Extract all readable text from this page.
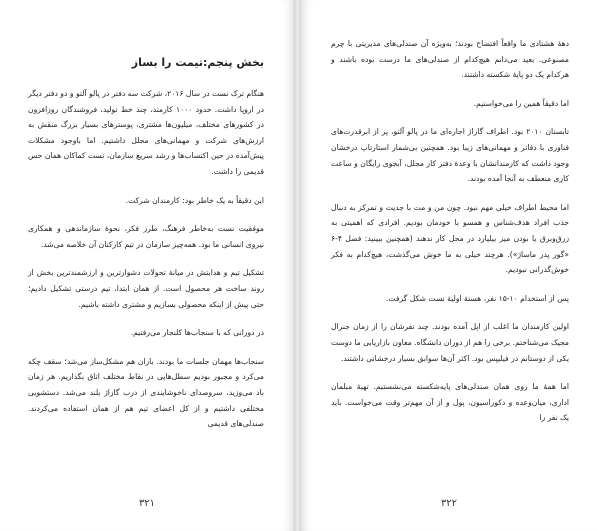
بخش پنجم:تیمت را بساز

هنگام ترک نست در سال ۲۰۱۶، شرکت سه دفتر در پالو آلتو و دو دفتر دیگر در اروپا داشت. حدود ۱۰۰۰ کارمند، چند خط تولید، فروشندگان روزافزون در کشورهای مختلف، میلیون‌ها مشتری، پوسترهای بسیار بزرگ منقش به ارزش‌های شرکت و مهمانی‌های مجلل داشتیم. اما باوجود مشکلات پیش‌آمده در حین اکتساب‌ها و رشد سریع سازمان، نست کماکان همان حس قدیمی را داشت.

این دقیقاً به یک خاطر بود: کارمندان شرکت.

موفقیت نست به‌خاطر فرهنگ، طرز فکر، نحوهٔ سازماندهی و همکاری نیروی انسانی ما بود. همه‌چیز سازمان در تیم کارکنان آن خلاصه می‌شد.

تشکیل تیم و هدایتش در میانهٔ تحولات دشوارترین و ارزشمندترین بخش از روند ساخت هر محصول است. از همان ابتدا، تیم درستی تشکیل دادیم؛ حتی پیش از اینکه محصولی بسازیم و مشتری داشته باشیم.

در دورانی که با سنجاب‌ها کلنجار می‌رفتیم.

سنجاب‌ها مهمان جلسات ما بودند. باران هم مشکل‌ساز می‌شد؛ سقف چکه می‌کرد و مجبور بودیم سطل‌هایی در نقاط مختلف اتاق بگذاریم. هر زمان باد می‌وزید، سروصدای ناخوشایندی از درب گاراژ بلند می‌شد. دستشویی مختلفی داشتیم و از کل اعضای تیم هم از همان استفاده می‌کردند. صندلی‌های قدیمی

۳۲۱

دههٔ هشتادی ما واقعاً افتضاح بودند؛ به‌ویژه آن صندلی‌های مدیریتی با چرم مصنوعی. بعید می‌دانم هیچ‌کدام از صندلی‌های ما درست بوده باشند و هرکدام یک دو پایهٔ شکسته داشتند.

اما دقیقاً همین را می‌خواستیم.

تابستان ۲۰۱۰ بود. اطراف گاراژ اجاره‌ای ما در پالو آلتو، پر از ابرقدرت‌های فناوری با دفاتر و مهمانی‌های زیبا بود. همچنین بی‌شمار استارتاپ درخشان وجود داشت که کارمندانشان با وعدهٔ دفتر کار مجلل، آبجوی رایگان و ساعت کاری منعطف به آنجا آمده بودند.

اما محیط اطراف خیلی مهم نبود. چون من و مت با جدیت و تمرکز به دنبال جذب افراد هدف‌شناس و همسو با خودمان بودیم. افرادی که اهمیتی به زرق‌وبرق یا بودن میز بیلیارد در محل کار ندهند (همچنین ببینید: فصل ۴-۶ «گور پدر ماساژ»). هرچند خیلی به ما خوش می‌گذشت، هیچ‌کدام به فکر خوش‌گذرانی نبودیم.

پس از استخدام ۱۰-۱۵ نفر، هستهٔ اولیهٔ نست شکل گرفت.

اولین کارمندان ما اغلب از اپل آمده بودند. چند نفرشان را از زمان جنرال مجیک می‌شناختم. برخی را هم از دوران دانشگاه. معاون بازاریابی ما دوست یکی از دوستانم در فیلیپس بود. اکثر آن‌ها سوابق بسیار درخشانی داشتند.

اما همهٔ ما روی همان صندلی‌های پایه‌شکسته می‌نشستیم. تهیهٔ مبلمان اداری، میان‌وعده و دکوراسیون، پول و از آن مهم‌تر وقت می‌خواست. باید یک نفر را

۳۲۲
